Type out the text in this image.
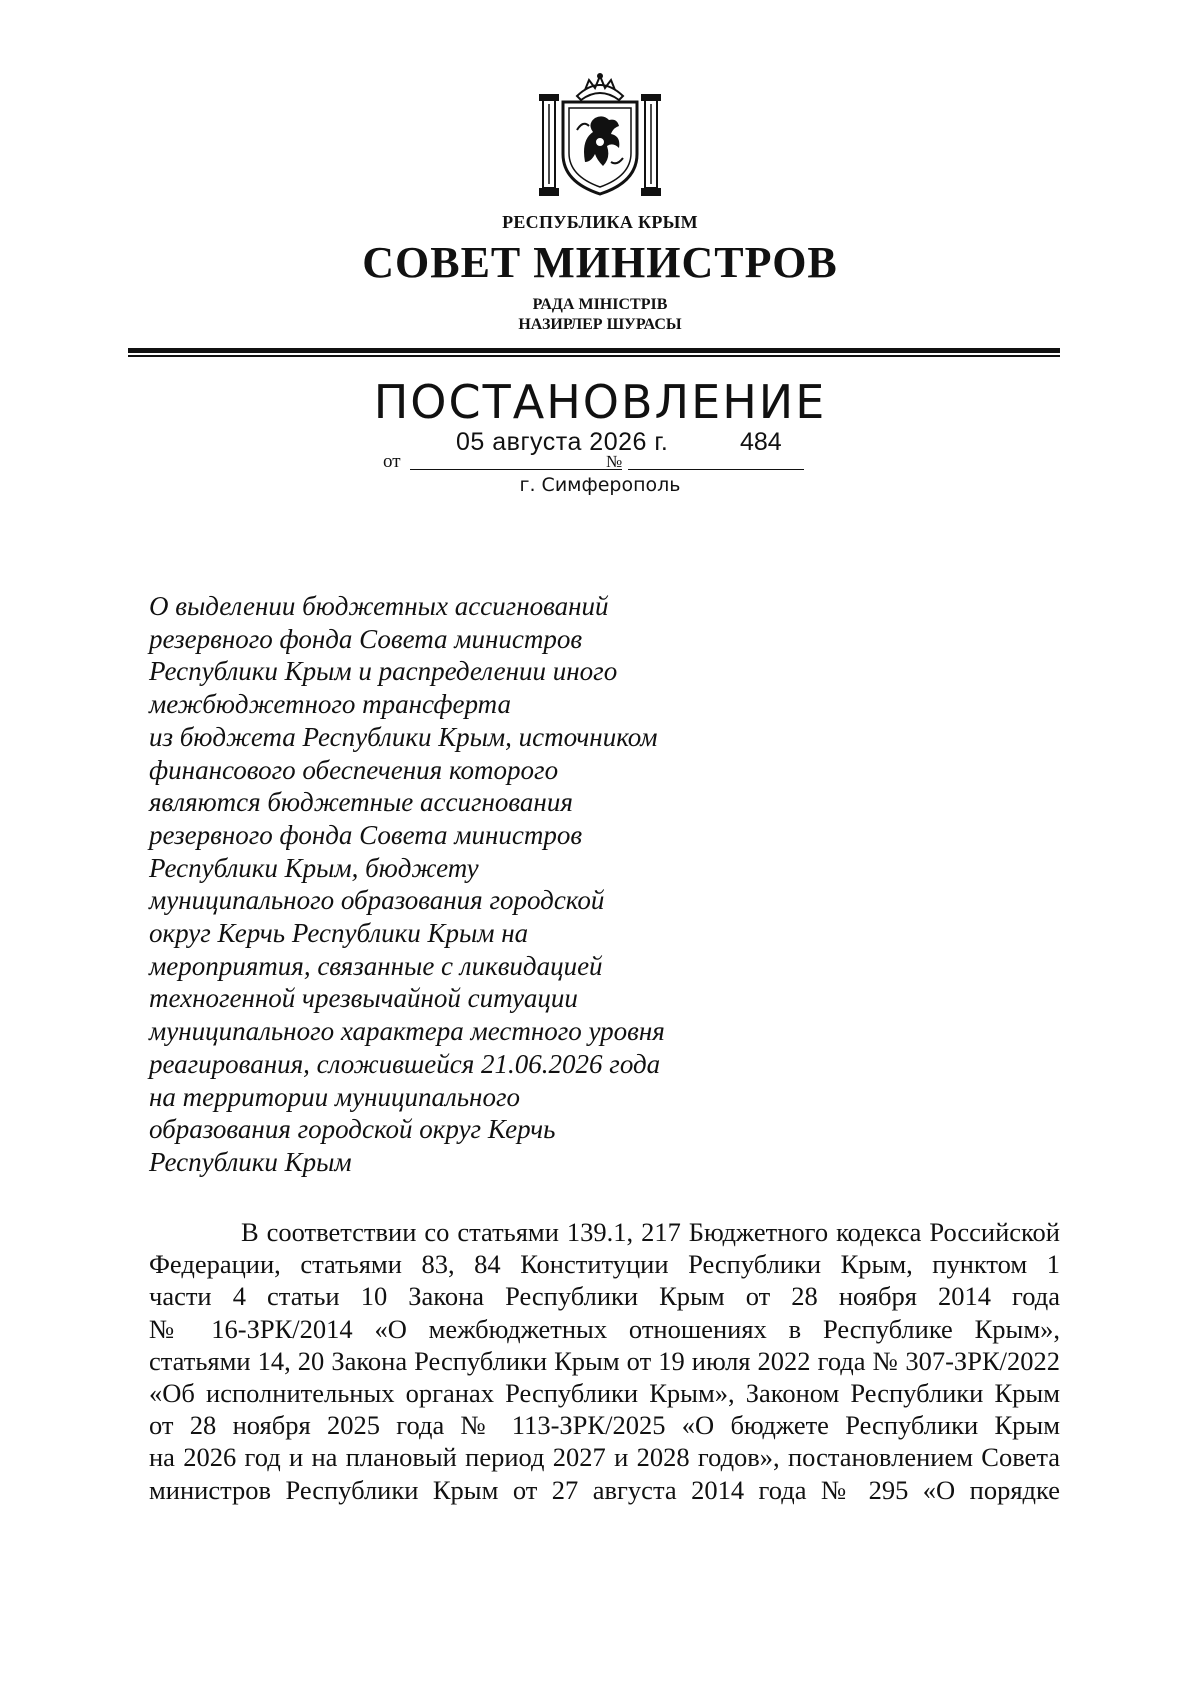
РЕСПУБЛИКА КРЫМ
СОВЕТ МИНИСТРОВ
РАДА МІНІСТРІВ
НАЗИРЛЕР ШУРАСЫ
ПОСТАНОВЛЕНИЕ
от	№
05 августа 2026 г.	484
г. Симферополь
О выделении бюджетных ассигнований
резервного фонда Совета министров
Республики Крым и распределении иного
межбюджетного трансферта
из бюджета Республики Крым, источником
финансового обеспечения которого
являются бюджетные ассигнования
резервного фонда Совета министров
Республики Крым, бюджету
муниципального образования городской
округ Керчь Республики Крым на
мероприятия, связанные с ликвидацией
техногенной чрезвычайной ситуации
муниципального характера местного уровня
реагирования, сложившейся 21.06.2026 года
на территории муниципального
образования городской округ Керчь
Республики Крым
В соответствии со статьями 139.1, 217 Бюджетного кодекса Российской
Федерации, статьями 83, 84 Конституции Республики Крым, пунктом 1
части 4 статьи 10 Закона Республики Крым от 28 ноября 2014 года
№ 16-ЗРК/2014 «О межбюджетных отношениях в Республике Крым»,
статьями 14, 20 Закона Республики Крым от 19 июля 2022 года № 307-ЗРК/2022
«Об исполнительных органах Республики Крым», Законом Республики Крым
от 28 ноября 2025 года № 113-ЗРК/2025 «О бюджете Республики Крым
на 2026 год и на плановый период 2027 и 2028 годов», постановлением Совета
министров Республики Крым от 27 августа 2014 года № 295 «О порядке
